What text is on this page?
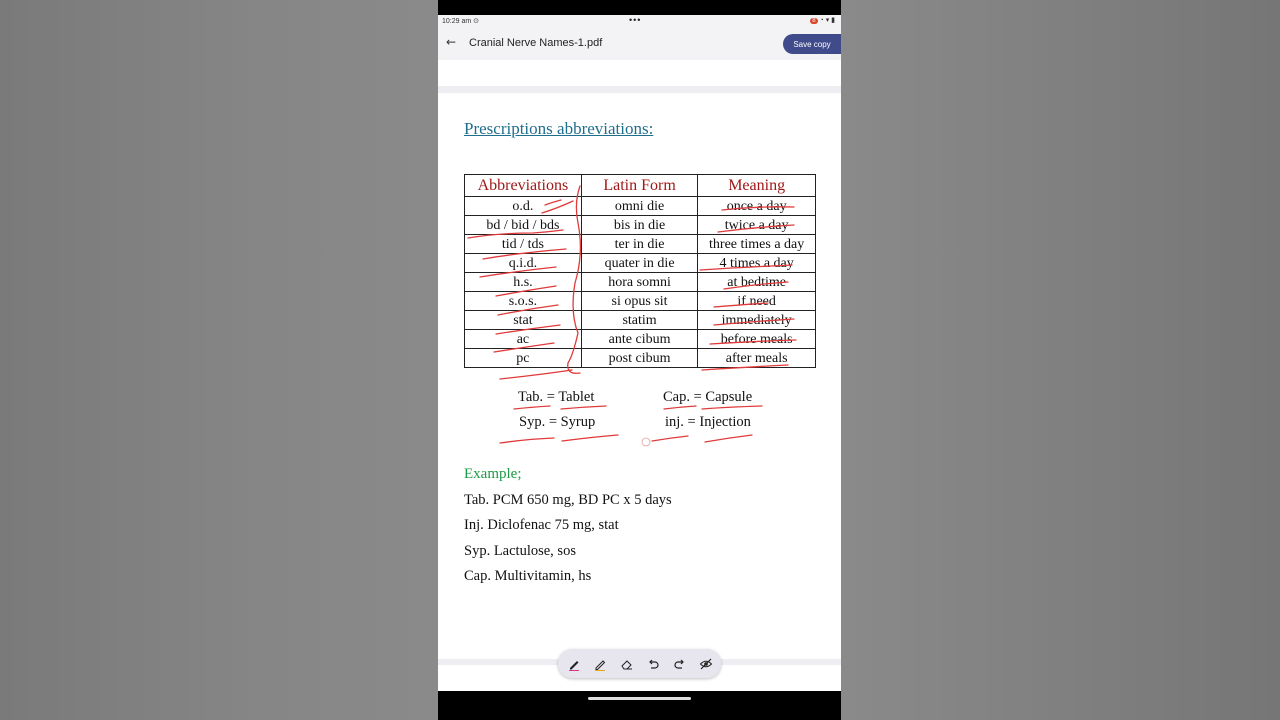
10:29 am ⊙	•••	8 ◔ ▾ ▮
← Cranial Nerve Names-1.pdf	Save copy
Prescriptions abbreviations:
Abbreviations	Latin Form	Meaning
o.d.	omni die	once a day
bd / bid / bds	bis in die	twice a day
tid / tds	ter in die	three times a day
q.i.d.	quater in die	4 times a day
h.s.	hora somni	at bedtime
s.o.s.	si opus sit	if need
stat	statim	immediately
ac	ante cibum	before meals
pc	post cibum	after meals
Tab. = Tablet	Cap. = Capsule
Syp. = Syrup	inj. = Injection
Example;
Tab. PCM 650 mg, BD PC x 5 days
Inj. Diclofenac 75 mg, stat
Syp. Lactulose, sos
Cap. Multivitamin, hs
